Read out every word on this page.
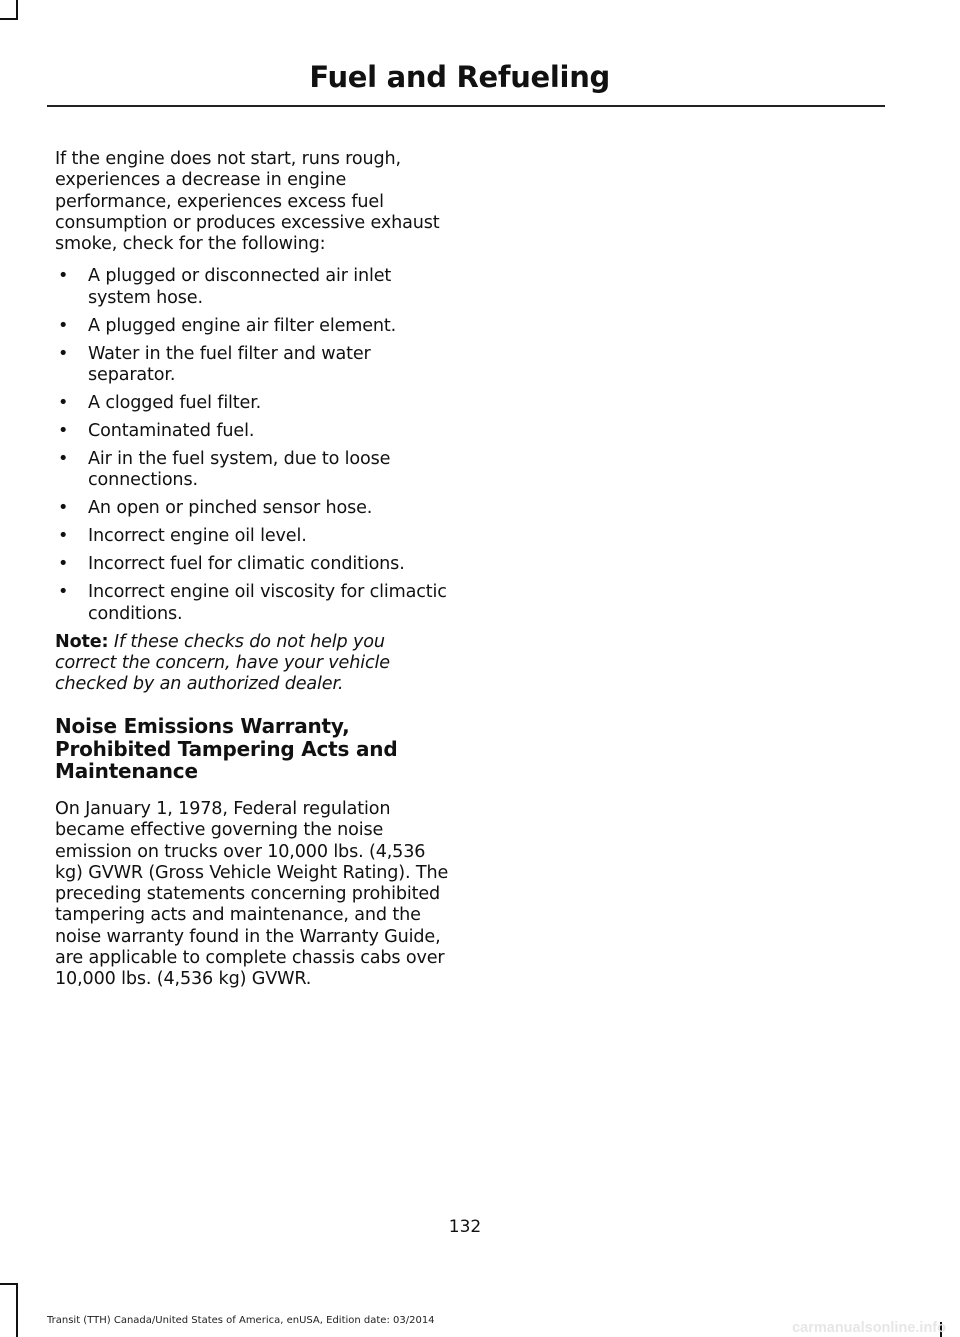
Fuel and Refueling

If the engine does not start, runs rough, experiences a decrease in engine performance, experiences excess fuel consumption or produces excessive exhaust smoke, check for the following:

• A plugged or disconnected air inlet system hose.
• A plugged engine air filter element.
• Water in the fuel filter and water separator.
• A clogged fuel filter.
• Contaminated fuel.
• Air in the fuel system, due to loose connections.
• An open or pinched sensor hose.
• Incorrect engine oil level.
• Incorrect fuel for climatic conditions.
• Incorrect engine oil viscosity for climactic conditions.

Note: If these checks do not help you correct the concern, have your vehicle checked by an authorized dealer.

Noise Emissions Warranty, Prohibited Tampering Acts and Maintenance

On January 1, 1978, Federal regulation became effective governing the noise emission on trucks over 10,000 lbs. (4,536 kg) GVWR (Gross Vehicle Weight Rating). The preceding statements concerning prohibited tampering acts and maintenance, and the noise warranty found in the Warranty Guide, are applicable to complete chassis cabs over 10,000 lbs. (4,536 kg) GVWR.

132
Transit (TTH) Canada/United States of America, enUSA, Edition date: 03/2014	carmanualsonline.info
